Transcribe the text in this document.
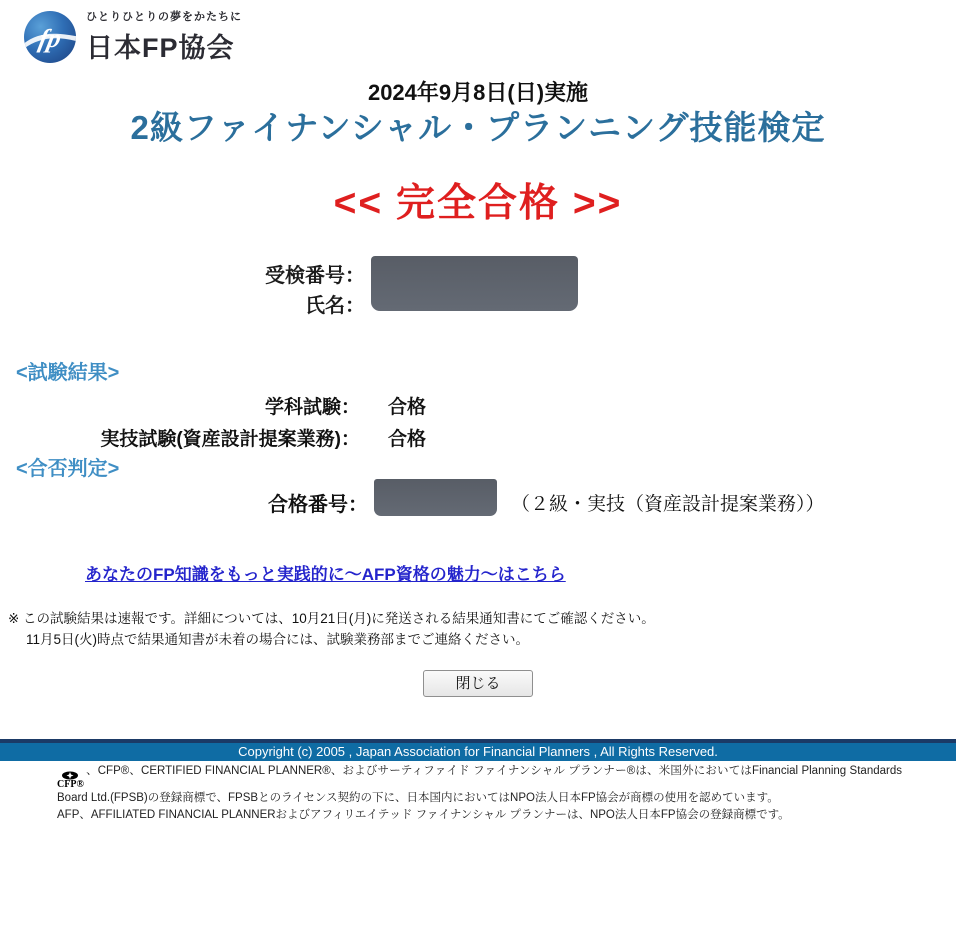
fp
ひとりひとりの夢をかたちに
日本FP協会
2024年9月8日(日)実施
2級ファイナンシャル・プランニング技能検定
<< 完全合格 >>
受検番号：
氏名：
<試験結果>
学科試験： 合格
実技試験(資産設計提案業務)： 合格
<合否判定>
合格番号：	（２級・実技（資産設計提案業務））
あなたのFP知識をもっと実践的に～AFP資格の魅力～はこちら
※ この試験結果は速報です。詳細については、10月21日(月)に発送される結果通知書にてご確認ください。
11月5日(火)時点で結果通知書が未着の場合には、試験業務部までご連絡ください。
閉じる
Copyright (c) 2005 , Japan Association for Financial Planners , All Rights Reserved.
CFP®
、CFP®、CERTIFIED FINANCIAL PLANNER®、およびサーティファイド ファイナンシャル プランナー®は、米国外においてはFinancial Planning Standards Board Ltd.(FPSB)の登録商標で、FPSBとのライセンス契約の下に、日本国内においてはNPO法人日本FP協会が商標の使用を認めています。
AFP、AFFILIATED FINANCIAL PLANNERおよびアフィリエイテッド ファイナンシャル プランナーは、NPO法人日本FP協会の登録商標です。
